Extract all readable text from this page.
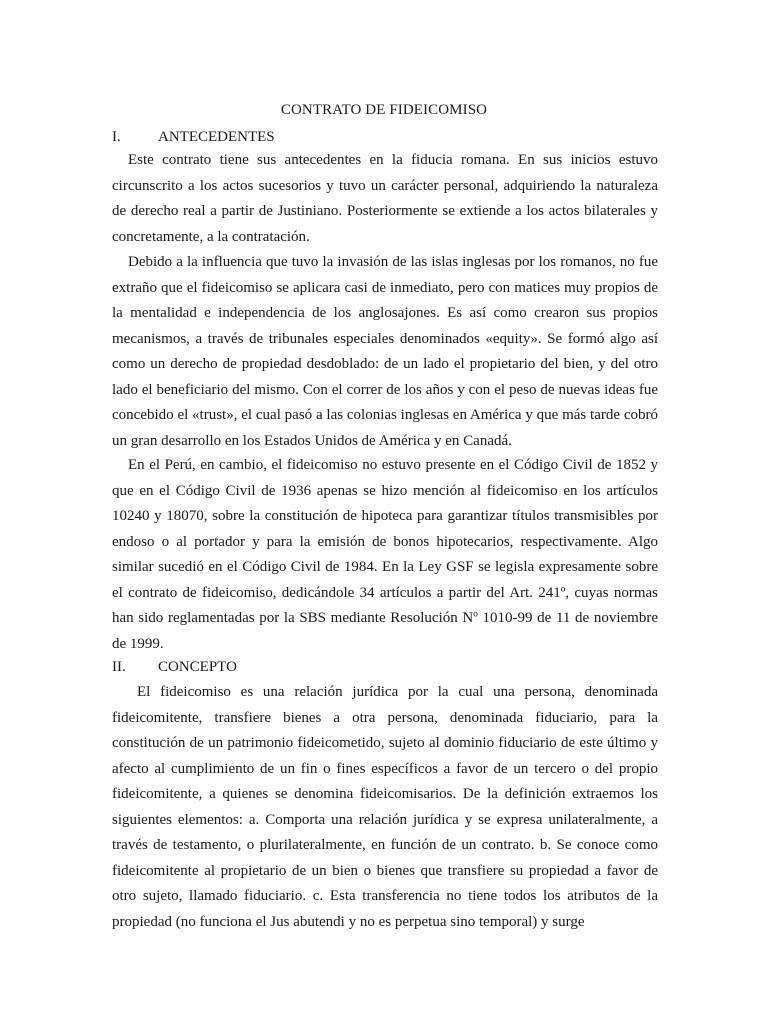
CONTRATO DE FIDEICOMISO
I. ANTECEDENTES
Este contrato tiene sus antecedentes en la fiducia romana. En sus inicios estuvo circunscrito a los actos sucesorios y tuvo un carácter personal, adquiriendo la naturaleza de derecho real a partir de Justiniano. Posteriormente se extiende a los actos bilaterales y concretamente, a la contratación.
Debido a la influencia que tuvo la invasión de las islas inglesas por los romanos, no fue extraño que el fideicomiso se aplicara casi de inmediato, pero con matices muy propios de la mentalidad e independencia de los anglosajones. Es así como crearon sus propios mecanismos, a través de tribunales especiales denominados «equity». Se formó algo así como un derecho de propiedad desdoblado: de un lado el propietario del bien, y del otro lado el beneficiario del mismo. Con el correr de los años y con el peso de nuevas ideas fue concebido el «trust», el cual pasó a las colonias inglesas en América y que más tarde cobró un gran desarrollo en los Estados Unidos de América y en Canadá.
En el Perú, en cambio, el fideicomiso no estuvo presente en el Código Civil de 1852 y que en el Código Civil de 1936 apenas se hizo mención al fideicomiso en los artículos 10240 y 18070, sobre la constitución de hipoteca para garantizar títulos transmisibles por endoso o al portador y para la emisión de bonos hipotecarios, respectivamente. Algo similar sucedió en el Código Civil de 1984. En la Ley GSF se legisla expresamente sobre el contrato de fideicomiso, dedicándole 34 artículos a partir del Art. 241º, cuyas normas han sido reglamentadas por la SBS mediante Resolución Nº 1010-99 de 11 de noviembre de 1999.
II. CONCEPTO
El fideicomiso es una relación jurídica por la cual una persona, denominada fideicomitente, transfiere bienes a otra persona, denominada fiduciario, para la constitución de un patrimonio fideicometido, sujeto al dominio fiduciario de este último y afecto al cumplimiento de un fin o fines específicos a favor de un tercero o del propio fideicomitente, a quienes se denomina fideicomisarios. De la definición extraemos los siguientes elementos: a. Comporta una relación jurídica y se expresa unilateralmente, a través de testamento, o plurilateralmente, en función de un contrato. b. Se conoce como fideicomitente al propietario de un bien o bienes que transfiere su propiedad a favor de otro sujeto, llamado fiduciario. c. Esta transferencia no tiene todos los atributos de la propiedad (no funciona el Jus abutendi y no es perpetua sino temporal) y surge
